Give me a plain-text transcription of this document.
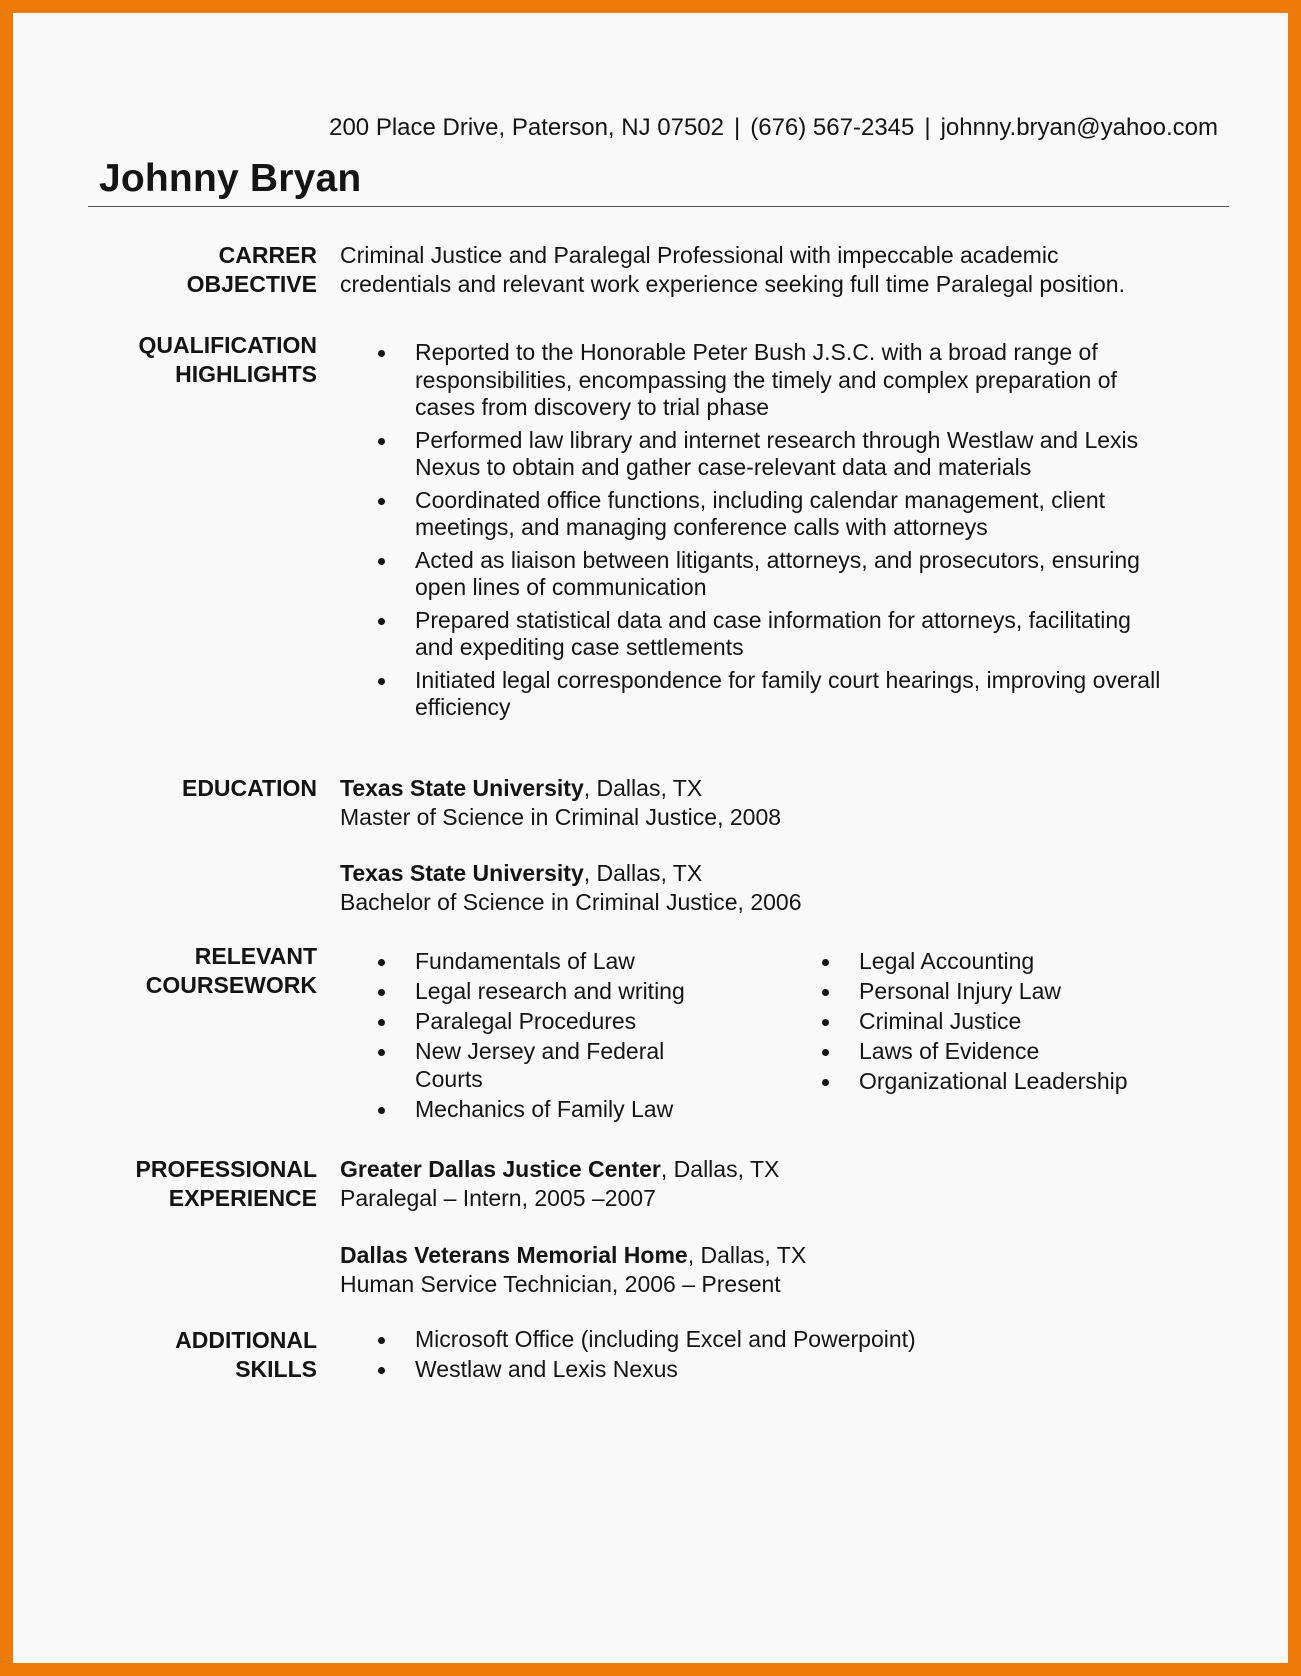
200 Place Drive, Paterson, NJ 07502 | (676) 567-2345 | johnny.bryan@yahoo.com
Johnny Bryan
CARRER
OBJECTIVE
Criminal Justice and Paralegal Professional with impeccable academic
credentials and relevant work experience seeking full time Paralegal position.
QUALIFICATION
HIGHLIGHTS
Reported to the Honorable Peter Bush J.S.C. with a broad range of responsibilities, encompassing the timely and complex preparation of cases from discovery to trial phase
Performed law library and internet research through Westlaw and Lexis Nexus to obtain and gather case-relevant data and materials
Coordinated office functions, including calendar management, client meetings, and managing conference calls with attorneys
Acted as liaison between litigants, attorneys, and prosecutors, ensuring open lines of communication
Prepared statistical data and case information for attorneys, facilitating and expediting case settlements
Initiated legal correspondence for family court hearings, improving overall efficiency
EDUCATION Texas State University, Dallas, TX
Master of Science in Criminal Justice, 2008
Texas State University, Dallas, TX
Bachelor of Science in Criminal Justice, 2006
RELEVANT
COURSEWORK
Fundamentals of Law
Legal research and writing
Paralegal Procedures
New Jersey and Federal Courts
Mechanics of Family Law
Legal Accounting
Personal Injury Law
Criminal Justice
Laws of Evidence
Organizational Leadership
PROFESSIONAL
EXPERIENCE
Greater Dallas Justice Center, Dallas, TX
Paralegal – Intern, 2005 –2007
Dallas Veterans Memorial Home, Dallas, TX
Human Service Technician, 2006 – Present
ADDITIONAL
SKILLS
Microsoft Office (including Excel and Powerpoint)
Westlaw and Lexis Nexus
